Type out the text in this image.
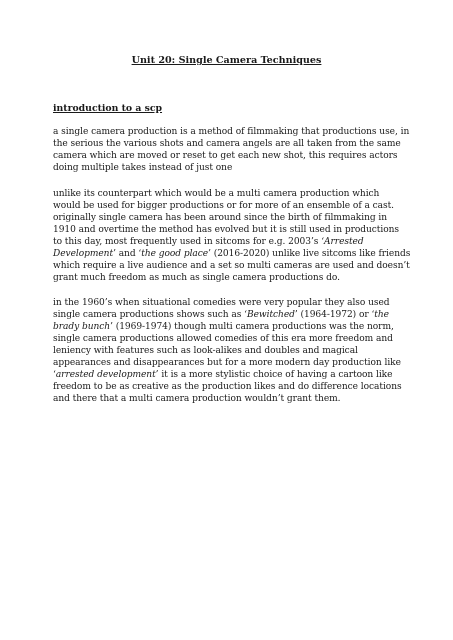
Unit 20: Single Camera Techniques
introduction to a scp
a single camera production is a method of filmmaking that productions use, in
the serious the various shots and camera angels are all taken from the same
camera which are moved or reset to get each new shot, this requires actors
doing multiple takes instead of just one
unlike its counterpart which would be a multi camera production which
would be used for bigger productions or for more of an ensemble of a cast.
originally single camera has been around since the birth of filmmaking in
1910 and overtime the method has evolved but it is still used in productions
to this day, most frequently used in sitcoms for e.g. 2003’s ‘Arrested
Development’ and ‘the good place’ (2016-2020) unlike live sitcoms like friends
which require a live audience and a set so multi cameras are used and doesn’t
grant much freedom as much as single camera productions do.
in the 1960’s when situational comedies were very popular they also used
single camera productions shows such as ‘Bewitched’ (1964-1972) or ‘the
brady bunch’ (1969-1974) though multi camera productions was the norm,
single camera productions allowed comedies of this era more freedom and
leniency with features such as look-alikes and doubles and magical
appearances and disappearances but for a more modern day production like
‘arrested development’ it is a more stylistic choice of having a cartoon like
freedom to be as creative as the production likes and do difference locations
and there that a multi camera production wouldn’t grant them.
